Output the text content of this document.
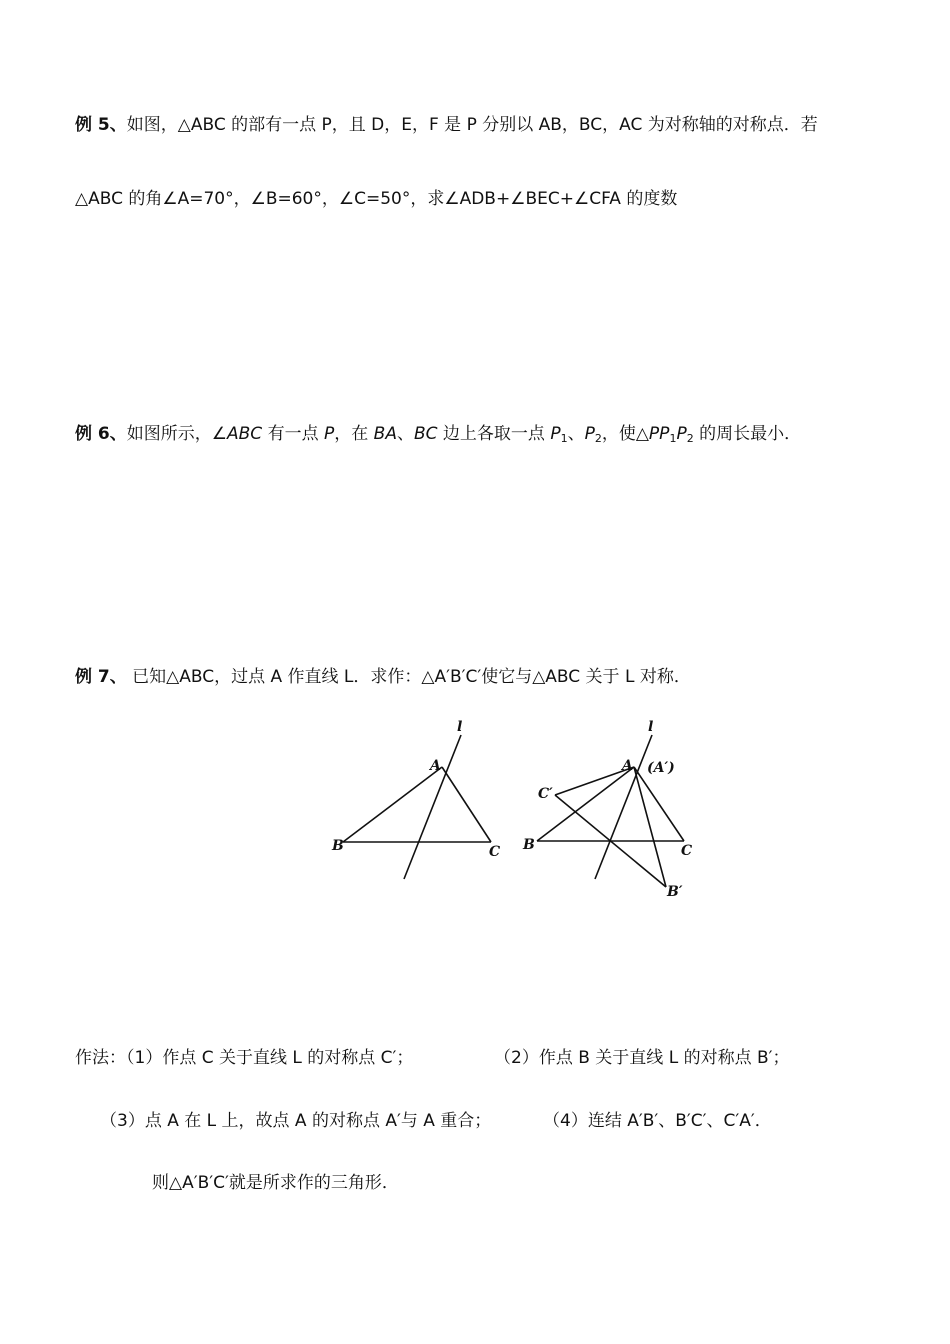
例 5、如图，△ABC 的部有一点 P，且 D，E，F 是 P 分别以 AB，BC，AC 为对称轴的对称点．若
△ABC 的角∠A=70°，∠B=60°，∠C=50°，求∠ADB+∠BEC+∠CFA 的度数
例 6、如图所示，∠ABC 有一点 P，在 BA、BC 边上各取一点 $P_1$、$P_2$，使$\triangle PP_1P_2$ 的周长最小．
例 7、 已知△ABC，过点 A 作直线 L．求作：△A′B′C′使它与△ABC 关于 L 对称．
l
A
B	C
l
A (A′)
C′
B	C
B′
作法：（1）作点 C 关于直线 L 的对称点 C′；	（2）作点 B 关于直线 L 的对称点 B′；
（3）点 A 在 L 上，故点 A 的对称点 A′与 A 重合；	（4）连结 A′B′、B′C′、C′A′．
则△A′B′C′就是所求作的三角形．
